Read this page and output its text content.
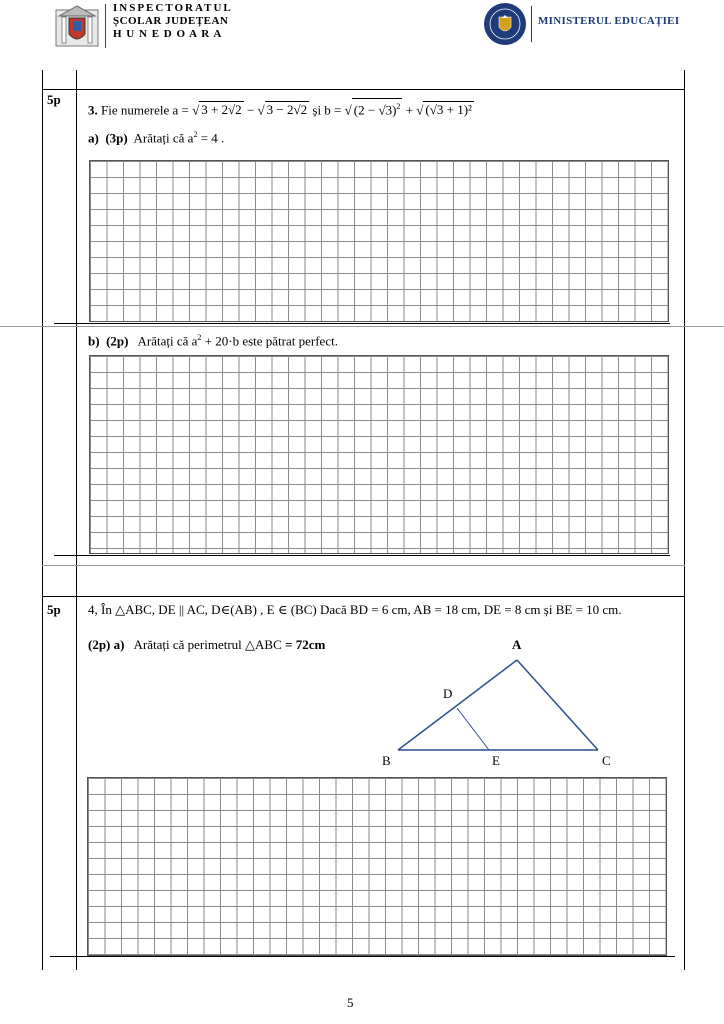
INSPECTORATUL
ȘCOLAR JUDEȚEAN
H U N E D O A R A
MINISTERUL EDUCAȚIEI
5p
3. Fie numerele a = √ 3 + 2√2 − √ 3 − 2√2 și b = √ $(2 - √3)^2$ + √ (√3 + 1)²
a) (3p) Arătați că $a^2 = 4$ .
b) (2p) Arătați că $a^2 + 20\cdot b$ este pătrat perfect.
5p 4, În △ABC, DE || AC, D∈(AB) , E ∈ (BC) Dacă BD = 6 cm, AB = 18 cm, DE = 8 cm și BE = 10 cm.
(2p) a) Arătați că perimetrul △ABC = 72cm	A
B	C
D
E
5
